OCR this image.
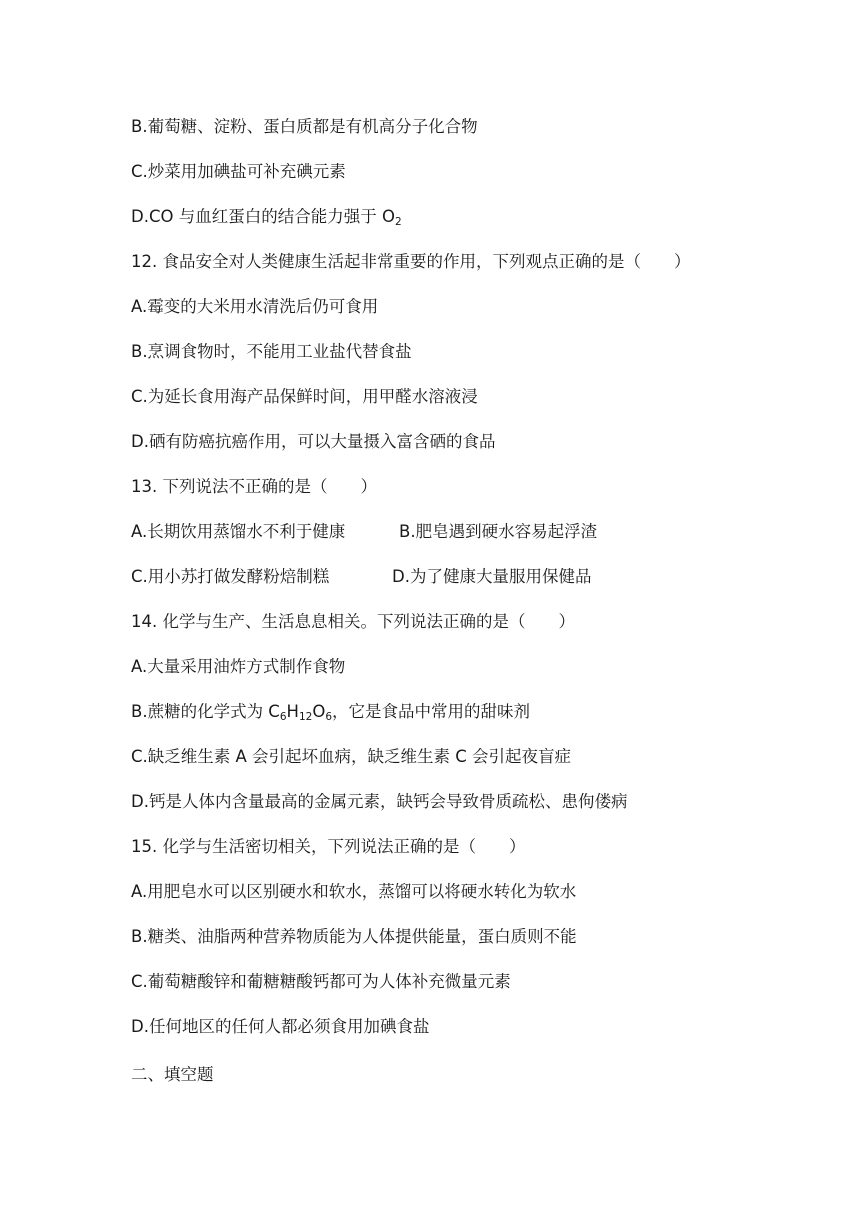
B.葡萄糖、淀粉、蛋白质都是有机高分子化合物
C.炒菜用加碘盐可补充碘元素
D.CO 与血红蛋白的结合能力强于 $O_2$
12. 食品安全对人类健康生活起非常重要的作用，下列观点正确的是（　　）
A.霉变的大米用水清洗后仍可食用
B.烹调食物时，不能用工业盐代替食盐
C.为延长食用海产品保鲜时间，用甲醛水溶液浸
D.硒有防癌抗癌作用，可以大量摄入富含硒的食品
13. 下列说法不正确的是（　　）
A.长期饮用蒸馏水不利于健康	B.肥皂遇到硬水容易起浮渣
C.用小苏打做发酵粉焙制糕	D.为了健康大量服用保健品
14. 化学与生产、生活息息相关。下列说法正确的是（　　）
A.大量采用油炸方式制作食物
B.蔗糖的化学式为 $C_6H_{12}O_6$，它是食品中常用的甜味剂
C.缺乏维生素 A 会引起坏血病，缺乏维生素 C 会引起夜盲症
D.钙是人体内含量最高的金属元素，缺钙会导致骨质疏松、患佝偻病
15. 化学与生活密切相关，下列说法正确的是（　　）
A.用肥皂水可以区别硬水和软水，蒸馏可以将硬水转化为软水
B.糖类、油脂两种营养物质能为人体提供能量，蛋白质则不能
C.葡萄糖酸锌和葡糖糖酸钙都可为人体补充微量元素
D.任何地区的任何人都必须食用加碘食盐
二、填空题
